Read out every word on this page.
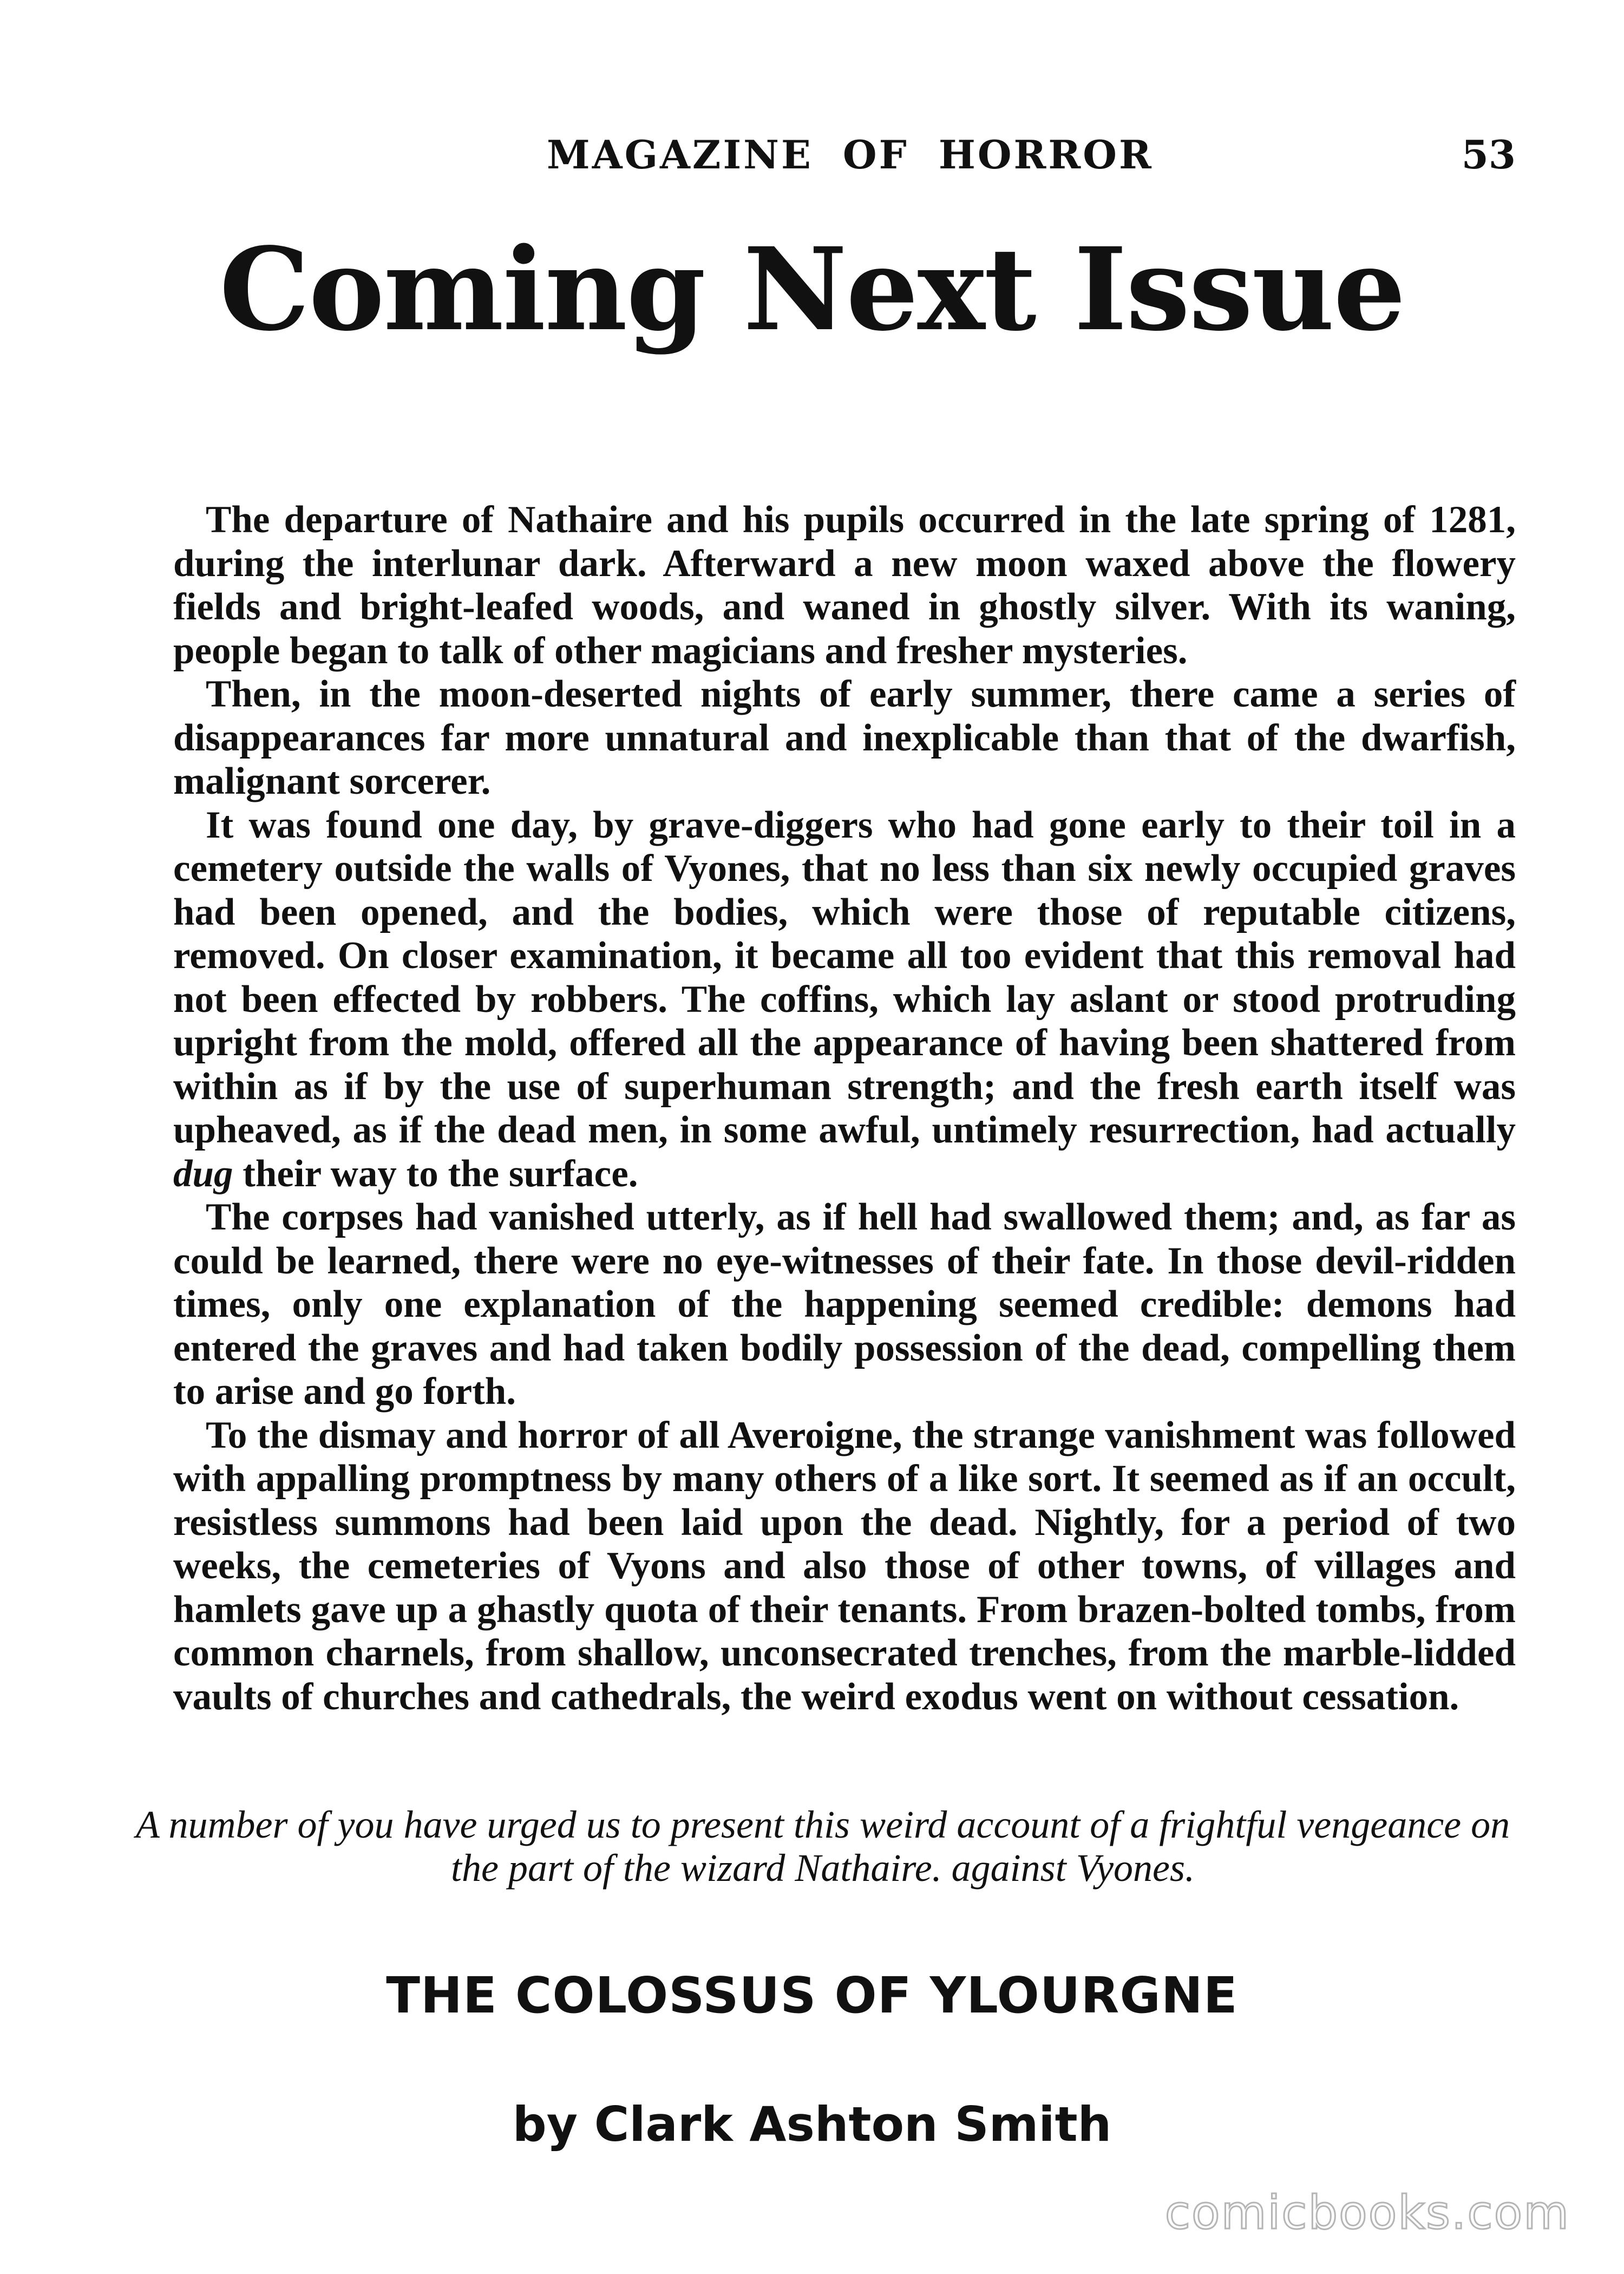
MAGAZINE OF HORROR	53
Coming Next Issue

The departure of Nathaire and his pupils occurred in the late spring of 1281, during the interlunar dark. Afterward a new moon waxed above the flowery fields and bright-leafed woods, and waned in ghostly silver. With its waning, people began to talk of other magicians and fresher mysteries.

Then, in the moon-deserted nights of early summer, there came a series of disappearances far more unnatural and inexplicable than that of the dwarfish, malignant sorcerer.

It was found one day, by grave-diggers who had gone early to their toil in a cemetery outside the walls of Vyones, that no less than six newly occupied graves had been opened, and the bodies, which were those of reputable citizens, removed. On closer examination, it became all too evident that this removal had not been effected by robbers. The coffins, which lay aslant or stood protruding upright from the mold, offered all the appearance of having been shattered from within as if by the use of superhuman strength; and the fresh earth itself was upheaved, as if the dead men, in some awful, untimely resurrection, had actually dug their way to the surface.

The corpses had vanished utterly, as if hell had swallowed them; and, as far as could be learned, there were no eye-witnesses of their fate. In those devil-ridden times, only one explanation of the happening seemed credible: demons had entered the graves and had taken bodily possession of the dead, compelling them to arise and go forth.

To the dismay and horror of all Averoigne, the strange vanishment was followed with appalling promptness by many others of a like sort. It seemed as if an occult, resistless summons had been laid upon the dead. Nightly, for a period of two weeks, the cemeteries of Vyons and also those of other towns, of villages and hamlets gave up a ghastly quota of their tenants. From brazen-bolted tombs, from common charnels, from shallow, unconsecrated trenches, from the marble-lidded vaults of churches and cathedrals, the weird exodus went on without cessation.

A number of you have urged us to present this weird account of a frightful vengeance on the part of the wizard Nathaire. against Vyones.
THE COLOSSUS OF YLOURGNE
by Clark Ashton Smith
comicbooks.com
